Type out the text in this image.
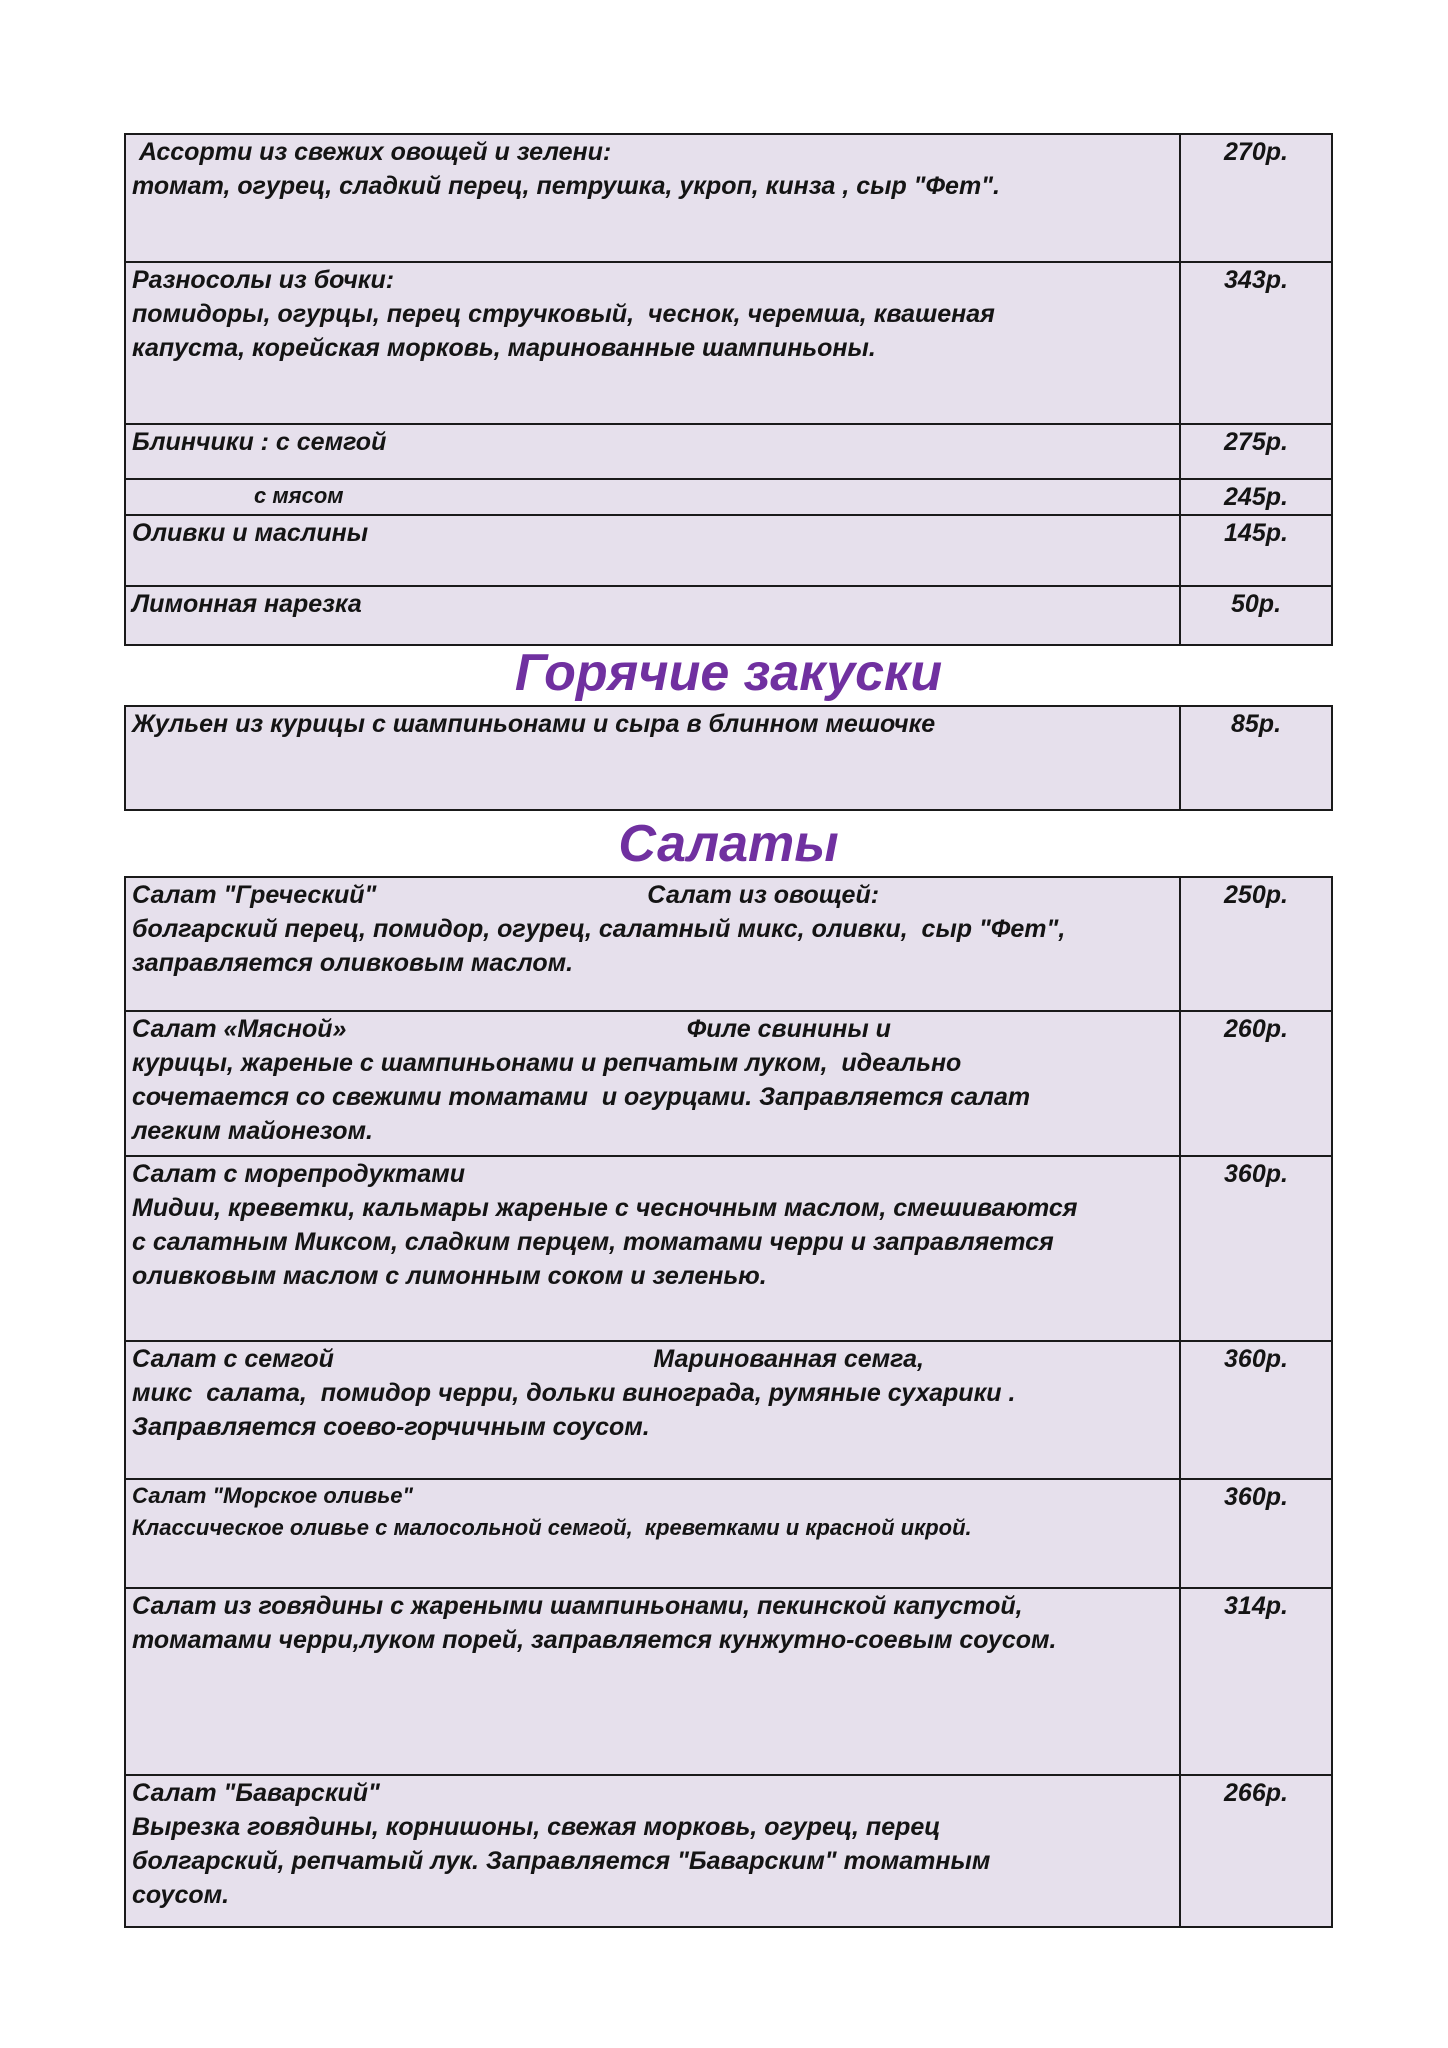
Ассорти из свежих овощей и зелени:
томат, огурец, сладкий перец, петрушка, укроп, кинза , сыр "Фет".	270р.

Разносолы из бочки:
помидоры, огурцы, перец стручковый,  чеснок, черемша, квашеная
капуста, корейская морковь, маринованные шампиньоны.	343р.

Блинчики : с семгой	275р.

с мясом	245р.

Оливки и маслины	145р.

Лимонная нарезка	50р.
Горячие закуски
Жульен из курицы с шампиньонами и сыра в блинном мешочке	85р.
Салаты
Салат "Греческий"                                       Салат из овощей:
болгарский перец, помидор, огурец, салатный микс, оливки,  сыр "Фет",
заправляется оливковым маслом.	250р.

Салат «Мясной»                                                 Филе свинины и
курицы, жареные с шампиньонами и репчатым луком,  идеально
сочетается со свежими томатами  и огурцами. Заправляется салат
легким майонезом.	260р.

Салат с морепродуктами
Мидии, креветки, кальмары жареные с чесночным маслом, смешиваются
с салатным Миксом, сладким перцем, томатами черри и заправляется
оливковым маслом с лимонным соком и зеленью.	360р.

Салат с семгой                                              Маринованная семга,
микс  салата,  помидор черри, дольки винограда, румяные сухарики .
Заправляется соево-горчичным соусом.	360р.

Салат "Морское оливье"
Классическое оливье с малосольной семгой,  креветками и красной икрой.	360р.

Салат из говядины с жареными шампиньонами, пекинской капустой,
томатами черри,луком порей, заправляется кунжутно-соевым соусом.	314р.

Салат "Баварский"
Вырезка говядины, корнишоны, свежая морковь, огурец, перец
болгарский, репчатый лук. Заправляется "Баварским" томатным
соусом.	266р.
